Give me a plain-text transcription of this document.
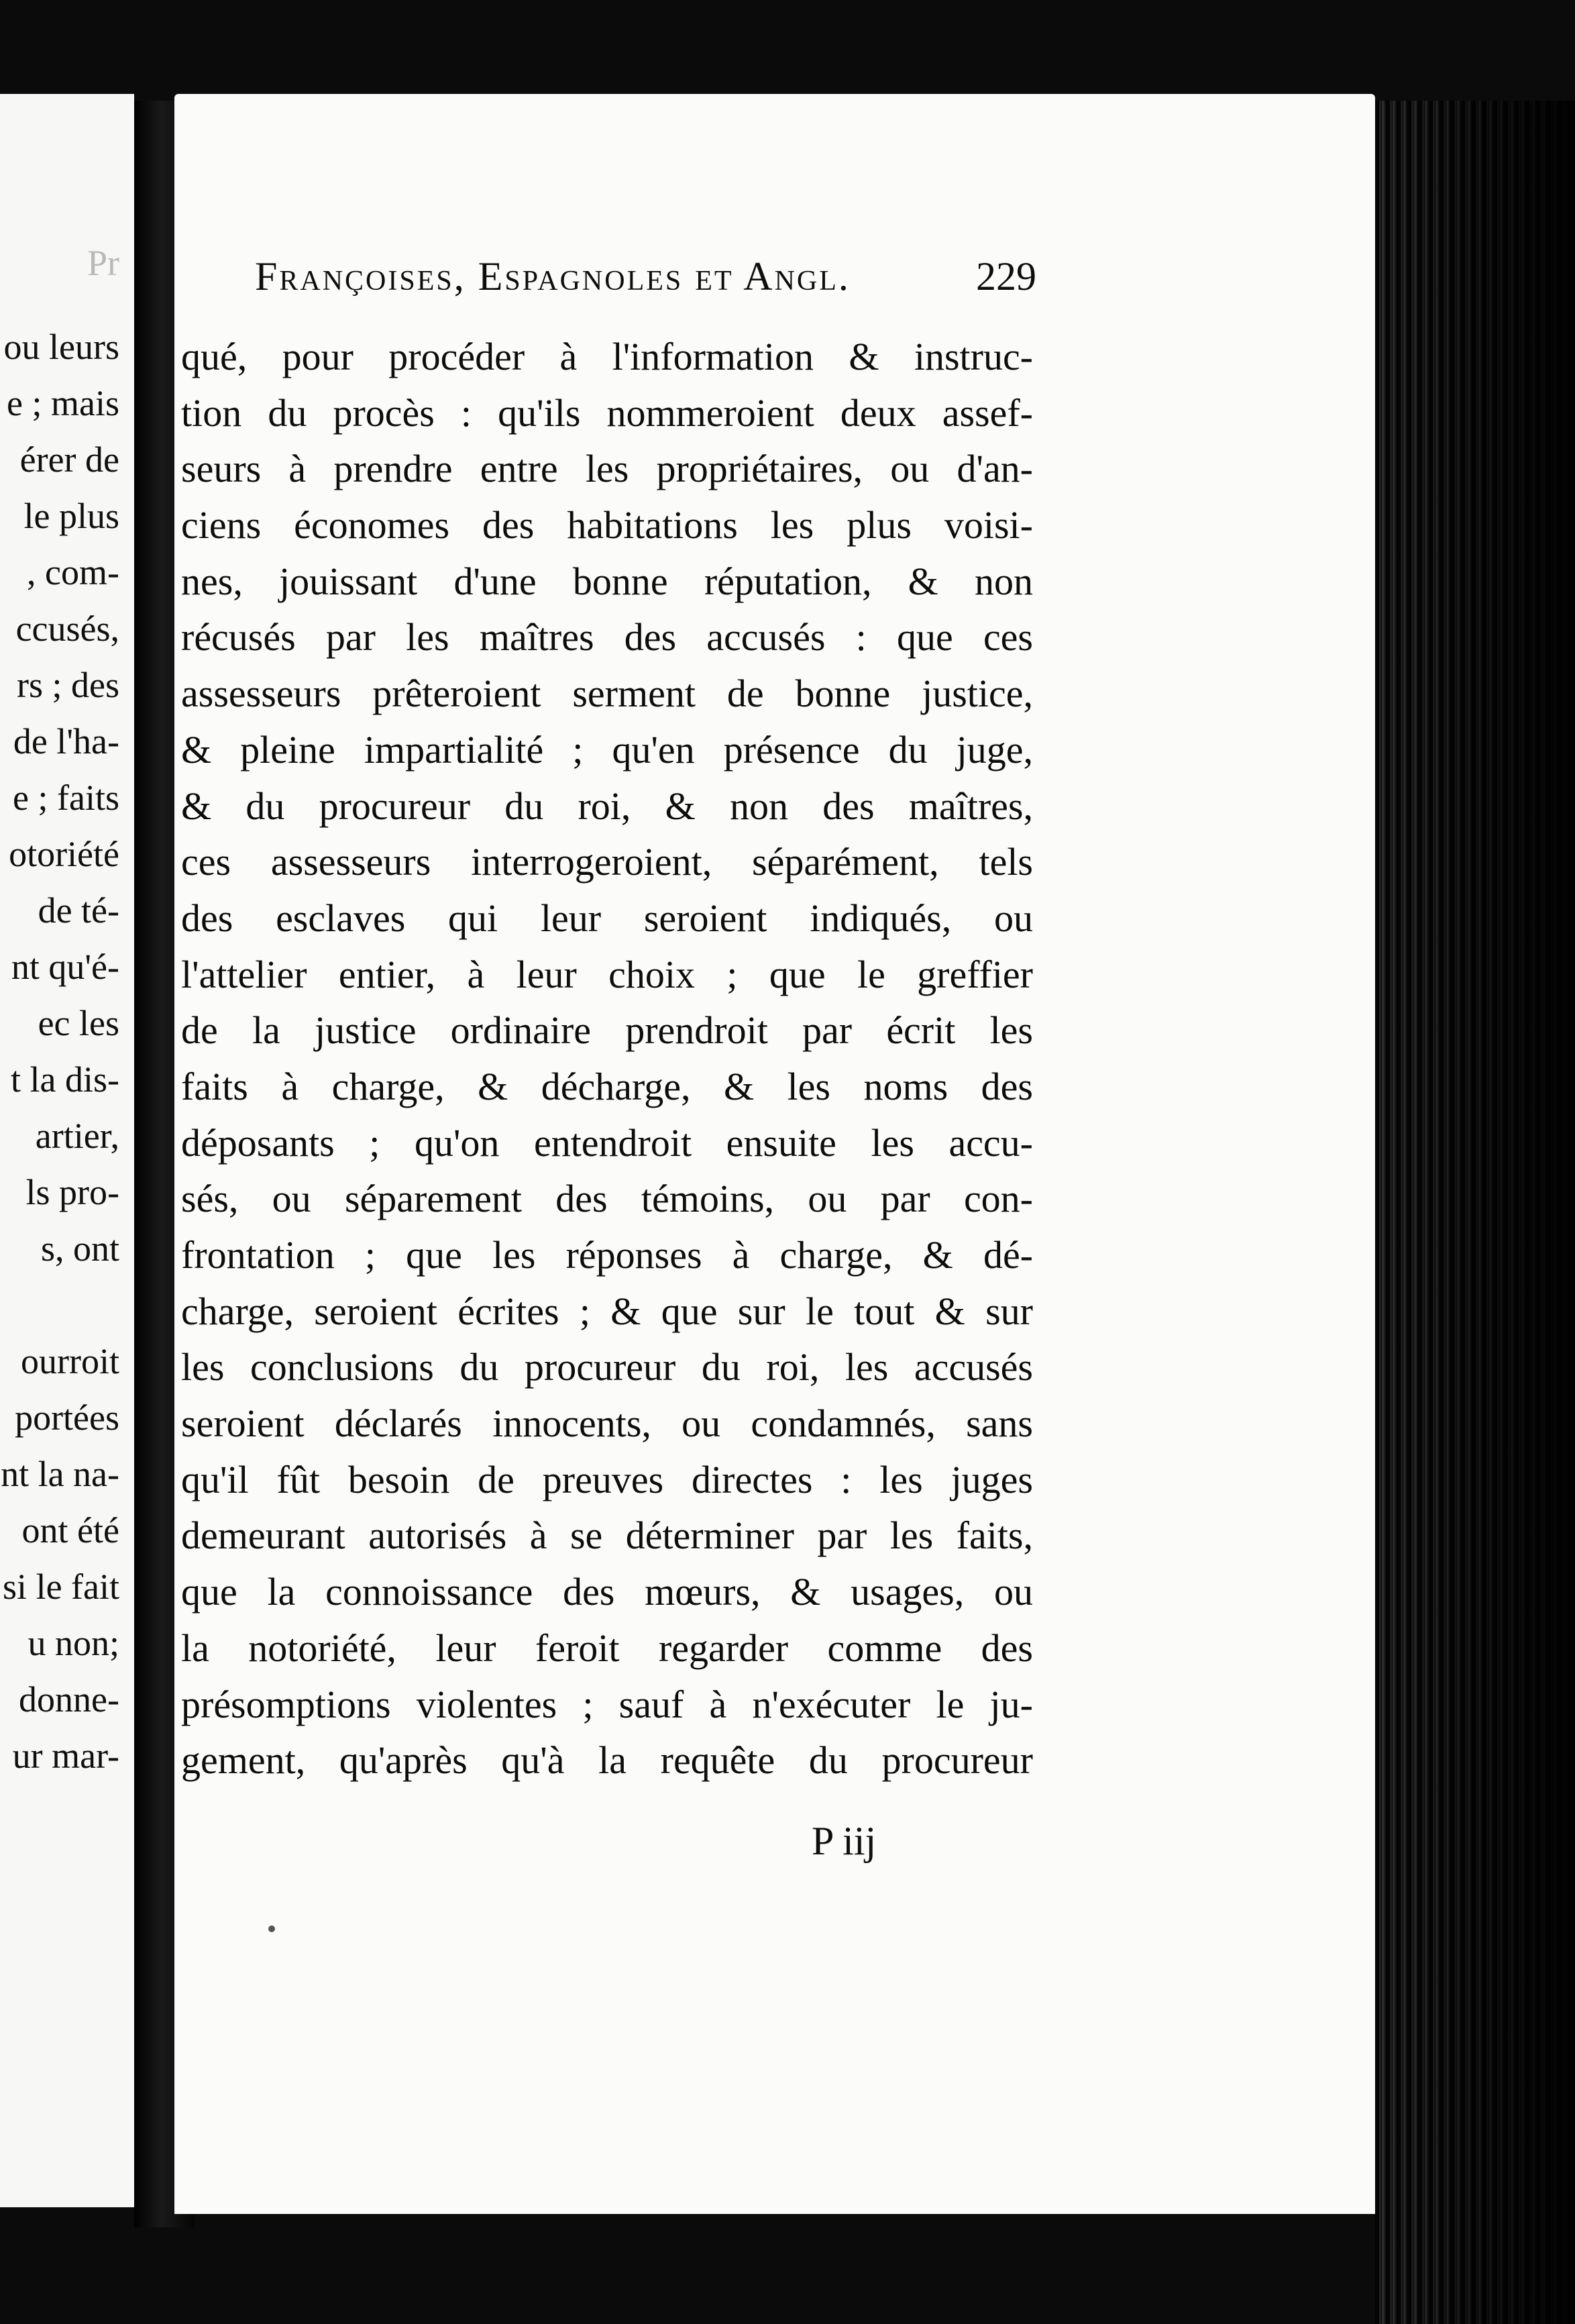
Pr
ou leurs
e ; mais
érer de
le plus
, com-
ccusés,
rs ; des
de l'ha-
e ; faits
otoriété
de té-
nt qu'é-
ec les
t la dis-
artier,
ls pro-
s, ont
ourroit
portées
nt la na-
ont été
si le fait
u non;
donne-
ur mar-
Françoises, Espagnoles et Angl.	229
qué, pour procéder à l'information & instruc-
tion du procès : qu'ils nommeroient deux assef-
seurs à prendre entre les propriétaires, ou d'an-
ciens économes des habitations les plus voisi-
nes, jouissant d'une bonne réputation, & non
récusés par les maîtres des accusés : que ces
assesseurs prêteroient serment de bonne justice,
& pleine impartialité ; qu'en présence du juge,
& du procureur du roi, & non des maîtres,
ces assesseurs interrogeroient, séparément, tels
des esclaves qui leur seroient indiqués, ou
l'attelier entier, à leur choix ; que le greffier
de la justice ordinaire prendroit par écrit les
faits à charge, & décharge, & les noms des
déposants ; qu'on entendroit ensuite les accu-
sés, ou séparement des témoins, ou par con-
frontation ; que les réponses à charge, & dé-
charge, seroient écrites ; & que sur le tout & sur
les conclusions du procureur du roi, les accusés
seroient déclarés innocents, ou condamnés, sans
qu'il fût besoin de preuves directes : les juges
demeurant autorisés à se déterminer par les faits,
que la connoissance des mœurs, & usages, ou
la notoriété, leur feroit regarder comme des
présomptions violentes ; sauf à n'exécuter le ju-
gement, qu'après qu'à la requête du procureur
P iij
